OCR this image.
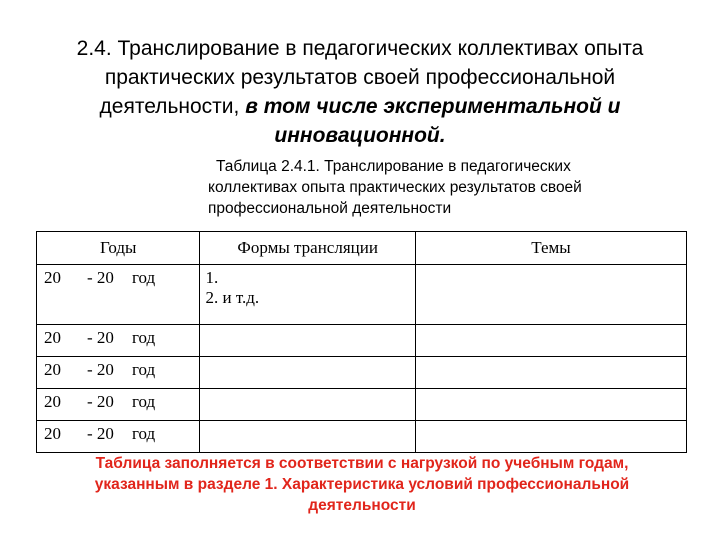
2.4. Транслирование в педагогических коллективах опыта
практических результатов своей профессиональной
деятельности, в том числе экспериментальной и
инновационной.
Таблица 2.4.1. Транслирование в педагогических
коллективах опыта практических результатов своей
профессиональной деятельности
Годы	Формы трансляции	Темы

20 - 20 год	1.
2. и т.д.	

20 - 20 год		

20 - 20 год		

20 - 20 год		

20 - 20 год		

Таблица заполняется в соответствии с нагрузкой по учебным годам,
указанным в разделе 1. Характеристика условий профессиональной
деятельности
